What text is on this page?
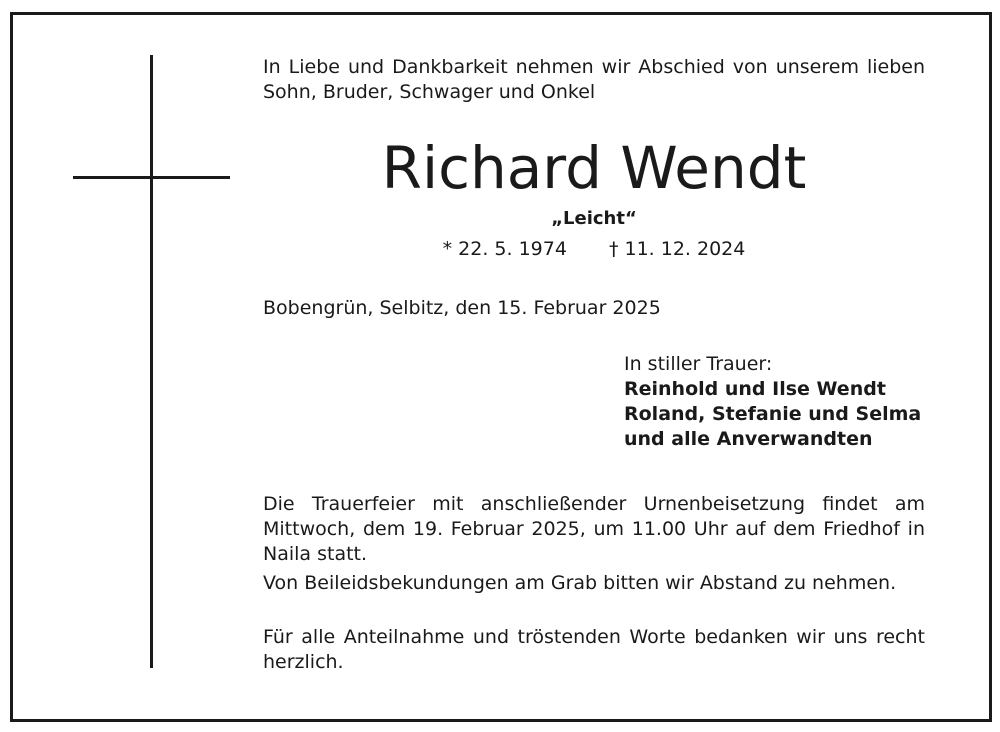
In Liebe und Dankbarkeit nehmen wir Abschied von unserem lieben Sohn, Bruder, Schwager und Onkel

Richard Wendt
„Leicht“
* 22. 5. 1974 † 11. 12. 2024

Bobengrün, Selbitz, den 15. Februar 2025

In stiller Trauer:
Reinhold und Ilse Wendt
Roland, Stefanie und Selma
und alle Anverwandten

Die Trauerfeier mit anschließender Urnenbeisetzung findet am Mittwoch, dem 19. Februar 2025, um 11.00 Uhr auf dem Friedhof in Naila statt.

Von Beileidsbekundungen am Grab bitten wir Abstand zu nehmen.

Für alle Anteilnahme und tröstenden Worte bedanken wir uns recht herzlich.
